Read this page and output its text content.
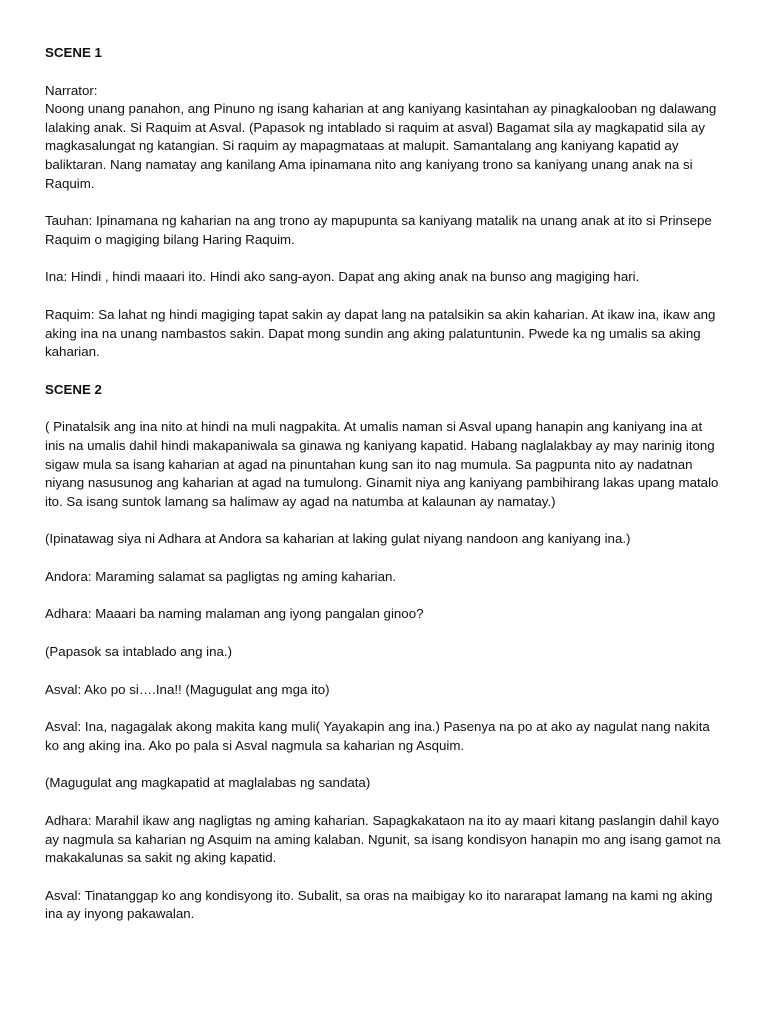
SCENE 1
Narrator:
Noong unang panahon, ang Pinuno ng isang kaharian at ang kaniyang kasintahan ay pinagkalooban ng dalawang lalaking anak. Si Raquim at Asval. (Papasok ng intablado si raquim at asval) Bagamat sila ay magkapatid sila ay magkasalungat ng katangian. Si raquim ay mapagmataas at malupit. Samantalang ang kaniyang kapatid ay baliktaran. Nang namatay ang kanilang Ama ipinamana nito ang kaniyang trono sa kaniyang unang anak na si Raquim.
Tauhan: Ipinamana ng kaharian na ang trono ay mapupunta sa kaniyang matalik na unang anak at ito si Prinsepe Raquim o magiging bilang Haring Raquim.
Ina: Hindi , hindi maaari ito. Hindi ako sang-ayon. Dapat ang aking anak na bunso ang magiging hari.
Raquim: Sa lahat ng hindi magiging tapat sakin ay dapat lang na patalsikin sa akin kaharian. At ikaw ina, ikaw ang aking ina na unang nambastos sakin. Dapat mong sundin ang aking palatuntunin. Pwede ka ng umalis sa aking kaharian.
SCENE 2
( Pinatalsik ang ina nito at hindi na muli nagpakita. At umalis naman si Asval upang hanapin ang kaniyang ina at inis na umalis dahil hindi makapaniwala sa ginawa ng kaniyang kapatid. Habang naglalakbay ay may narinig itong sigaw mula sa isang kaharian at agad na pinuntahan kung san ito nag mumula. Sa pagpunta nito ay nadatnan niyang nasusunog ang kaharian at agad na tumulong. Ginamit niya ang kaniyang pambihirang lakas upang matalo ito. Sa isang suntok lamang sa halimaw ay agad na natumba at kalaunan ay namatay.)
(Ipinatawag siya ni Adhara at Andora sa kaharian at laking gulat niyang nandoon ang kaniyang ina.)
Andora: Maraming salamat sa pagligtas ng aming kaharian.
Adhara: Maaari ba naming malaman ang iyong pangalan ginoo?
(Papasok sa intablado ang ina.)
Asval: Ako po si….Ina!! (Magugulat ang mga ito)
Asval: Ina, nagagalak akong makita kang muli( Yayakapin ang ina.) Pasenya na po at ako ay nagulat nang nakita ko ang aking ina. Ako po pala si Asval nagmula sa kaharian ng Asquim.
(Magugulat ang magkapatid at maglalabas ng sandata)
Adhara: Marahil ikaw ang nagligtas ng aming kaharian. Sapagkakataon na ito ay maari kitang paslangin dahil kayo ay nagmula sa kaharian ng Asquim na aming kalaban. Ngunit, sa isang kondisyon hanapin mo ang isang gamot na makakalunas sa sakit ng aking kapatid.
Asval: Tinatanggap ko ang kondisyong ito. Subalit, sa oras na maibigay ko ito nararapat lamang na kami ng aking ina ay inyong pakawalan.
